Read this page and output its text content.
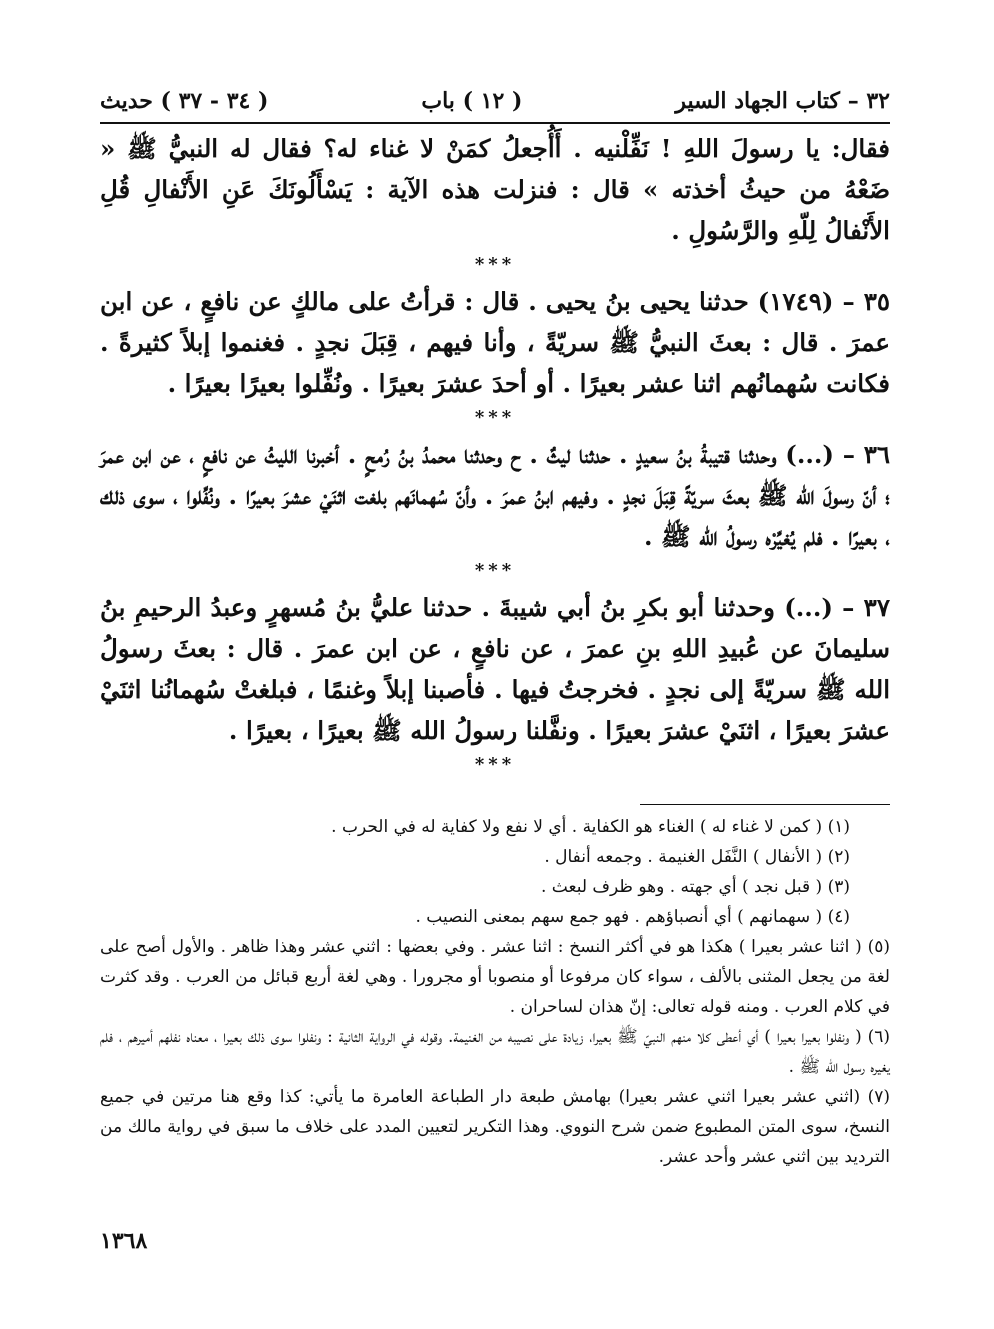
٣٢ – كتاب الجهاد السير
( ١٢ ) باب
( ٣٤ - ٣٧ ) حديث

فقال: يا رسولَ اللهِ ! نَفِّلْنيه . أَأُجعلُ كمَنْ لا غناء له؟ فقال له النبيُّ ﷺ « ضَعْهُ من حيثُ أخذته » قال : فنزلت هذه الآية : يَسْأَلُونَكَ عَنِ الأَنْفالِ قُلِ الأَنْفالُ لِلّهِ والرَّسُولِ .

***

٣٥ – (١٧٤٩) حدثنا يحيى بنُ يحيى . قال : قرأتُ على مالكٍ عن نافعٍ ، عن ابن عمرَ . قال : بعثَ النبيُّ ﷺ سريّةً ، وأنا فيهم ، قِبَلَ نجدٍ . فغنموا إبلاً كثيرةً . فكانت سُهمانُهم اثنا عشر بعيرًا . أو أحدَ عشرَ بعيرًا . ونُفِّلوا بعيرًا بعيرًا .

***

٣٦ – (...) وحدثنا قتيبةُ بنُ سعيدٍ . حدثنا ليثٌ . ح وحدثنا محمدُ بنُ رُمحٍ . أخبرنا الليثُ عن نافعٍ ، عن ابن عمرَ ؛ أنّ رسولَ الله ﷺ بعثَ سريّةً قِبَلَ نجدٍ . وفيهم ابنُ عمرَ . وأنّ سُهمانَهم بلغت اثنَيْ عشرَ بعيرًا . ونُفِّلوا ، سوى ذلك ، بعيرًا . فلم يُغيِّرْه رسولُ الله ﷺ .

***

٣٧ – (...) وحدثنا أبو بكرِ بنُ أبي شيبةَ . حدثنا عليُّ بنُ مُسهرٍ وعبدُ الرحيمِ بنُ سليمانَ عن عُبيدِ اللهِ بنِ عمرَ ، عن نافعٍ ، عن ابن عمرَ . قال : بعثَ رسولُ الله ﷺ سريّةً إلى نجدٍ . فخرجتُ فيها . فأصبنا إبلاً وغنمًا ، فبلغتْ سُهمانُنا اثنَيْ عشرَ بعيرًا ، اثنَيْ عشرَ بعيرًا . ونفَّلنا رسولُ الله ﷺ بعيرًا ، بعيرًا .

***

(١) ( كمن لا غناء له ) الغناء هو الكفاية . أي لا نفع ولا كفاية له في الحرب .

(٢) ( الأنفال ) النَّفَل الغنيمة . وجمعه أنفال .

(٣) ( قبل نجد ) أي جهته . وهو ظرف لبعث .

(٤) ( سهمانهم ) أي أنصباؤهم . فهو جمع سهم بمعنى النصيب .

(٥) ( اثنا عشر بعيرا ) هكذا هو في أكثر النسخ : اثنا عشر . وفي بعضها : اثني عشر وهذا ظاهر . والأول أصح على لغة من يجعل المثنى بالألف ، سواء كان مرفوعا أو منصوبا أو مجرورا . وهي لغة أربع قبائل من العرب . وقد كثرت في كلام العرب . ومنه قوله تعالى: إنّ هذان لساحران .

(٦) ( ونفلوا بعيرا بعيرا ) أي أعطى كلا منهم النبيّ ﷺ بعيرا، زيادة على نصيبه من الغنيمة. وقوله في الرواية الثانية : ونفلوا سوى ذلك بعيرا ، معناه نفلهم أميرهم ، فلم يغيره رسول الله ﷺ .

(٧) (اثني عشر بعيرا اثني عشر بعيرا) بهامش طبعة دار الطباعة العامرة ما يأتي: كذا وقع هنا مرتين في جميع النسخ، سوى المتن المطبوع ضمن شرح النووي. وهذا التكرير لتعيين المدد على خلاف ما سبق في رواية مالك من الترديد بين اثني عشر وأحد عشر.

١٣٦٨
